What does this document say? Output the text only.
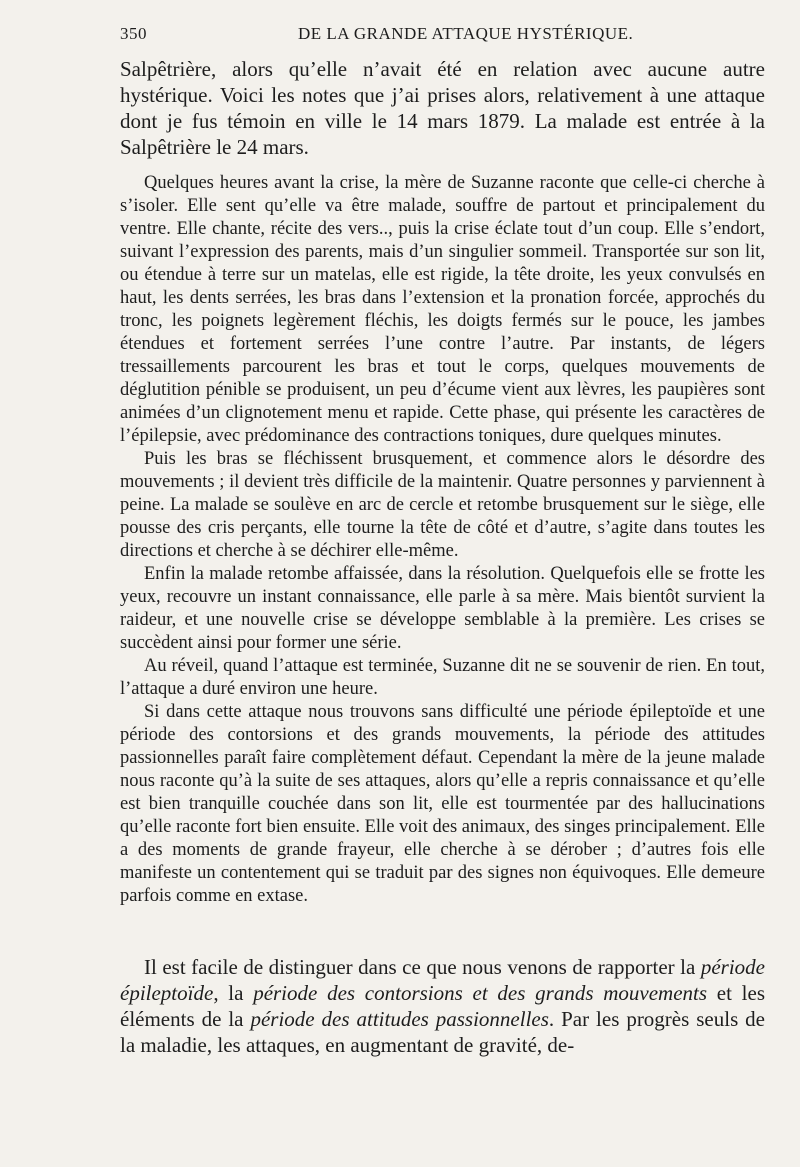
350	DE LA GRANDE ATTAQUE HYSTÉRIQUE.

Salpêtrière, alors qu’elle n’avait été en relation avec aucune autre hystérique. Voici les notes que j’ai prises alors, relativement à une attaque dont je fus témoin en ville le 14 mars 1879. La malade est entrée à la Salpêtrière le 24 mars.

Quelques heures avant la crise, la mère de Suzanne raconte que celle-ci cherche à s’isoler. Elle sent qu’elle va être malade, souffre de partout et principalement du ventre. Elle chante, récite des vers.., puis la crise éclate tout d’un coup. Elle s’endort, suivant l’expression des parents, mais d’un singulier sommeil. Transportée sur son lit, ou étendue à terre sur un matelas, elle est rigide, la tête droite, les yeux convulsés en haut, les dents serrées, les bras dans l’extension et la pronation forcée, approchés du tronc, les poignets legèrement fléchis, les doigts fermés sur le pouce, les jambes étendues et fortement serrées l’une contre l’autre. Par instants, de légers tressaillements parcourent les bras et tout le corps, quelques mouvements de déglutition pénible se produisent, un peu d’écume vient aux lèvres, les paupières sont animées d’un clignotement menu et rapide. Cette phase, qui présente les caractères de l’épilepsie, avec prédominance des contractions toniques, dure quelques minutes.

Puis les bras se fléchissent brusquement, et commence alors le désordre des mouvements ; il devient très difficile de la maintenir. Quatre personnes y parviennent à peine. La malade se soulève en arc de cercle et retombe brusquement sur le siège, elle pousse des cris perçants, elle tourne la tête de côté et d’autre, s’agite dans toutes les directions et cherche à se déchirer elle-même.

Enfin la malade retombe affaissée, dans la résolution. Quelquefois elle se frotte les yeux, recouvre un instant connaissance, elle parle à sa mère. Mais bientôt survient la raideur, et une nouvelle crise se développe semblable à la première. Les crises se succèdent ainsi pour former une série.

Au réveil, quand l’attaque est terminée, Suzanne dit ne se souvenir de rien. En tout, l’attaque a duré environ une heure.

Si dans cette attaque nous trouvons sans difficulté une période épileptoïde et une période des contorsions et des grands mouvements, la période des attitudes passionnelles paraît faire complètement défaut. Cependant la mère de la jeune malade nous raconte qu’à la suite de ses attaques, alors qu’elle a repris connaissance et qu’elle est bien tranquille couchée dans son lit, elle est tourmentée par des hallucinations qu’elle raconte fort bien ensuite. Elle voit des animaux, des singes principalement. Elle a des moments de grande frayeur, elle cherche à se dérober ; d’autres fois elle manifeste un contentement qui se traduit par des signes non équivoques. Elle demeure parfois comme en extase.

Il est facile de distinguer dans ce que nous venons de rapporter la période épileptoïde, la période des contorsions et des grands mouvements et les éléments de la période des attitudes passionnelles. Par les progrès seuls de la maladie, les attaques, en augmentant de gravité, de-
